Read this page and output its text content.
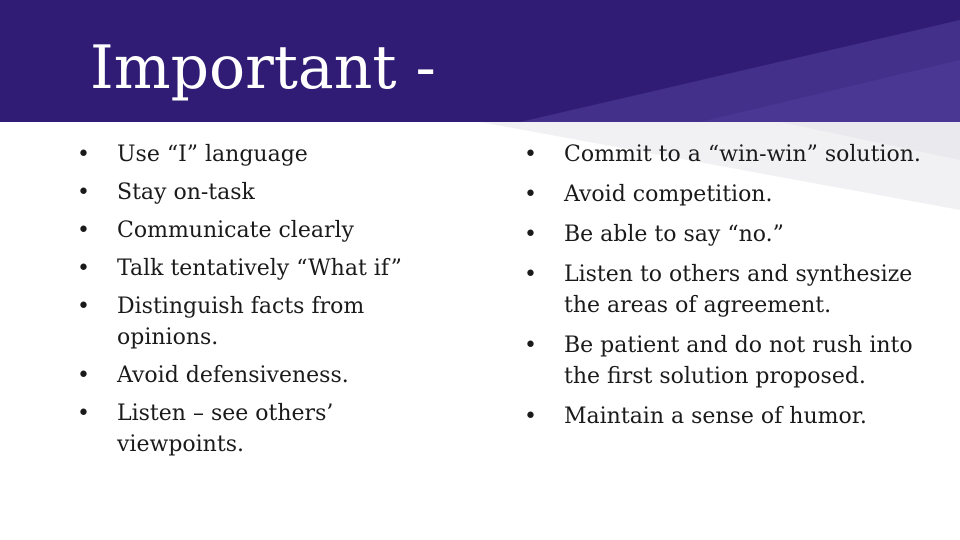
Important -
•	Use “I” language
•	Stay on-task
•	Communicate clearly
•	Talk tentatively “What if”
•	Distinguish facts from opinions.
•	Avoid defensiveness.
•	Listen – see others’ viewpoints.
•	Commit to a “win-win” solution.
•	Avoid competition.
•	Be able to say “no.”
•	Listen to others and synthesize the areas of agreement.
•	Be patient and do not rush into the first solution proposed.
•	Maintain a sense of humor.
